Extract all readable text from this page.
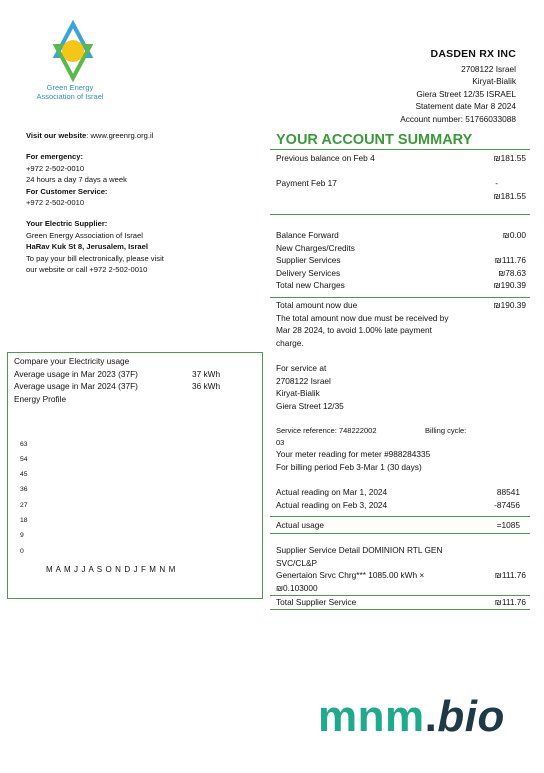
Green Energy
Association of Israel
DASDEN RX INC
2708122 Israel
Kiryat-Bialik
Giera Street 12/35 ISRAEL
Statement date Mar 8 2024
Account number: 51766033088
Visit our website: www.greenrg.org.il
For emergency:
+972 2-502-0010
24 hours a day 7 days a week
For Customer Service:
+972 2-502-0010
Your Electric Supplier:
Green Energy Association of Israel
HaRav Kuk St 8, Jerusalem, Israel
To pay your bill electronically, please visit
our website or call +972 2-502-0010
YOUR ACCOUNT SUMMARY
Previous balance on Feb 4	₪181.55
Payment Feb 17	-
₪181.55
Balance Forward	₪0.00
New Charges/Credits
Supplier Services	₪111.76
Delivery Services	₪78.63
Total new Charges	₪190.39
Total amount now due	₪190.39
The total amount now due must be received by
Mar 28 2024, to avoid 1.00% late payment
charge.
For service at
2708122 Israel
Kiryat-Bialik
Giera Street 12/35
Service reference: 748222002	Billing cycle:
03
Your meter reading for meter #988284335
For billing period Feb 3-Mar 1 (30 days)
Actual reading on Mar 1, 2024	88541
Actual reading on Feb 3, 2024	-87456
Actual usage	=1085
Supplier Service Detail DOMINION RTL GEN
SVC/CL&P
Genertaion Srvc Chrg*** 1085.00 kWh ×	₪111.76
₪0.103000
Total Supplier Service	₪111.76
Compare your Electricity usage
Average usage in Mar 2023 (37F)	37 kWh
Average usage in Mar 2024 (37F)	36 kWh
Energy Profile
63
54
45
36
27
18
9
0
M A M J J A S O N D J F M N M
mnm.bio
